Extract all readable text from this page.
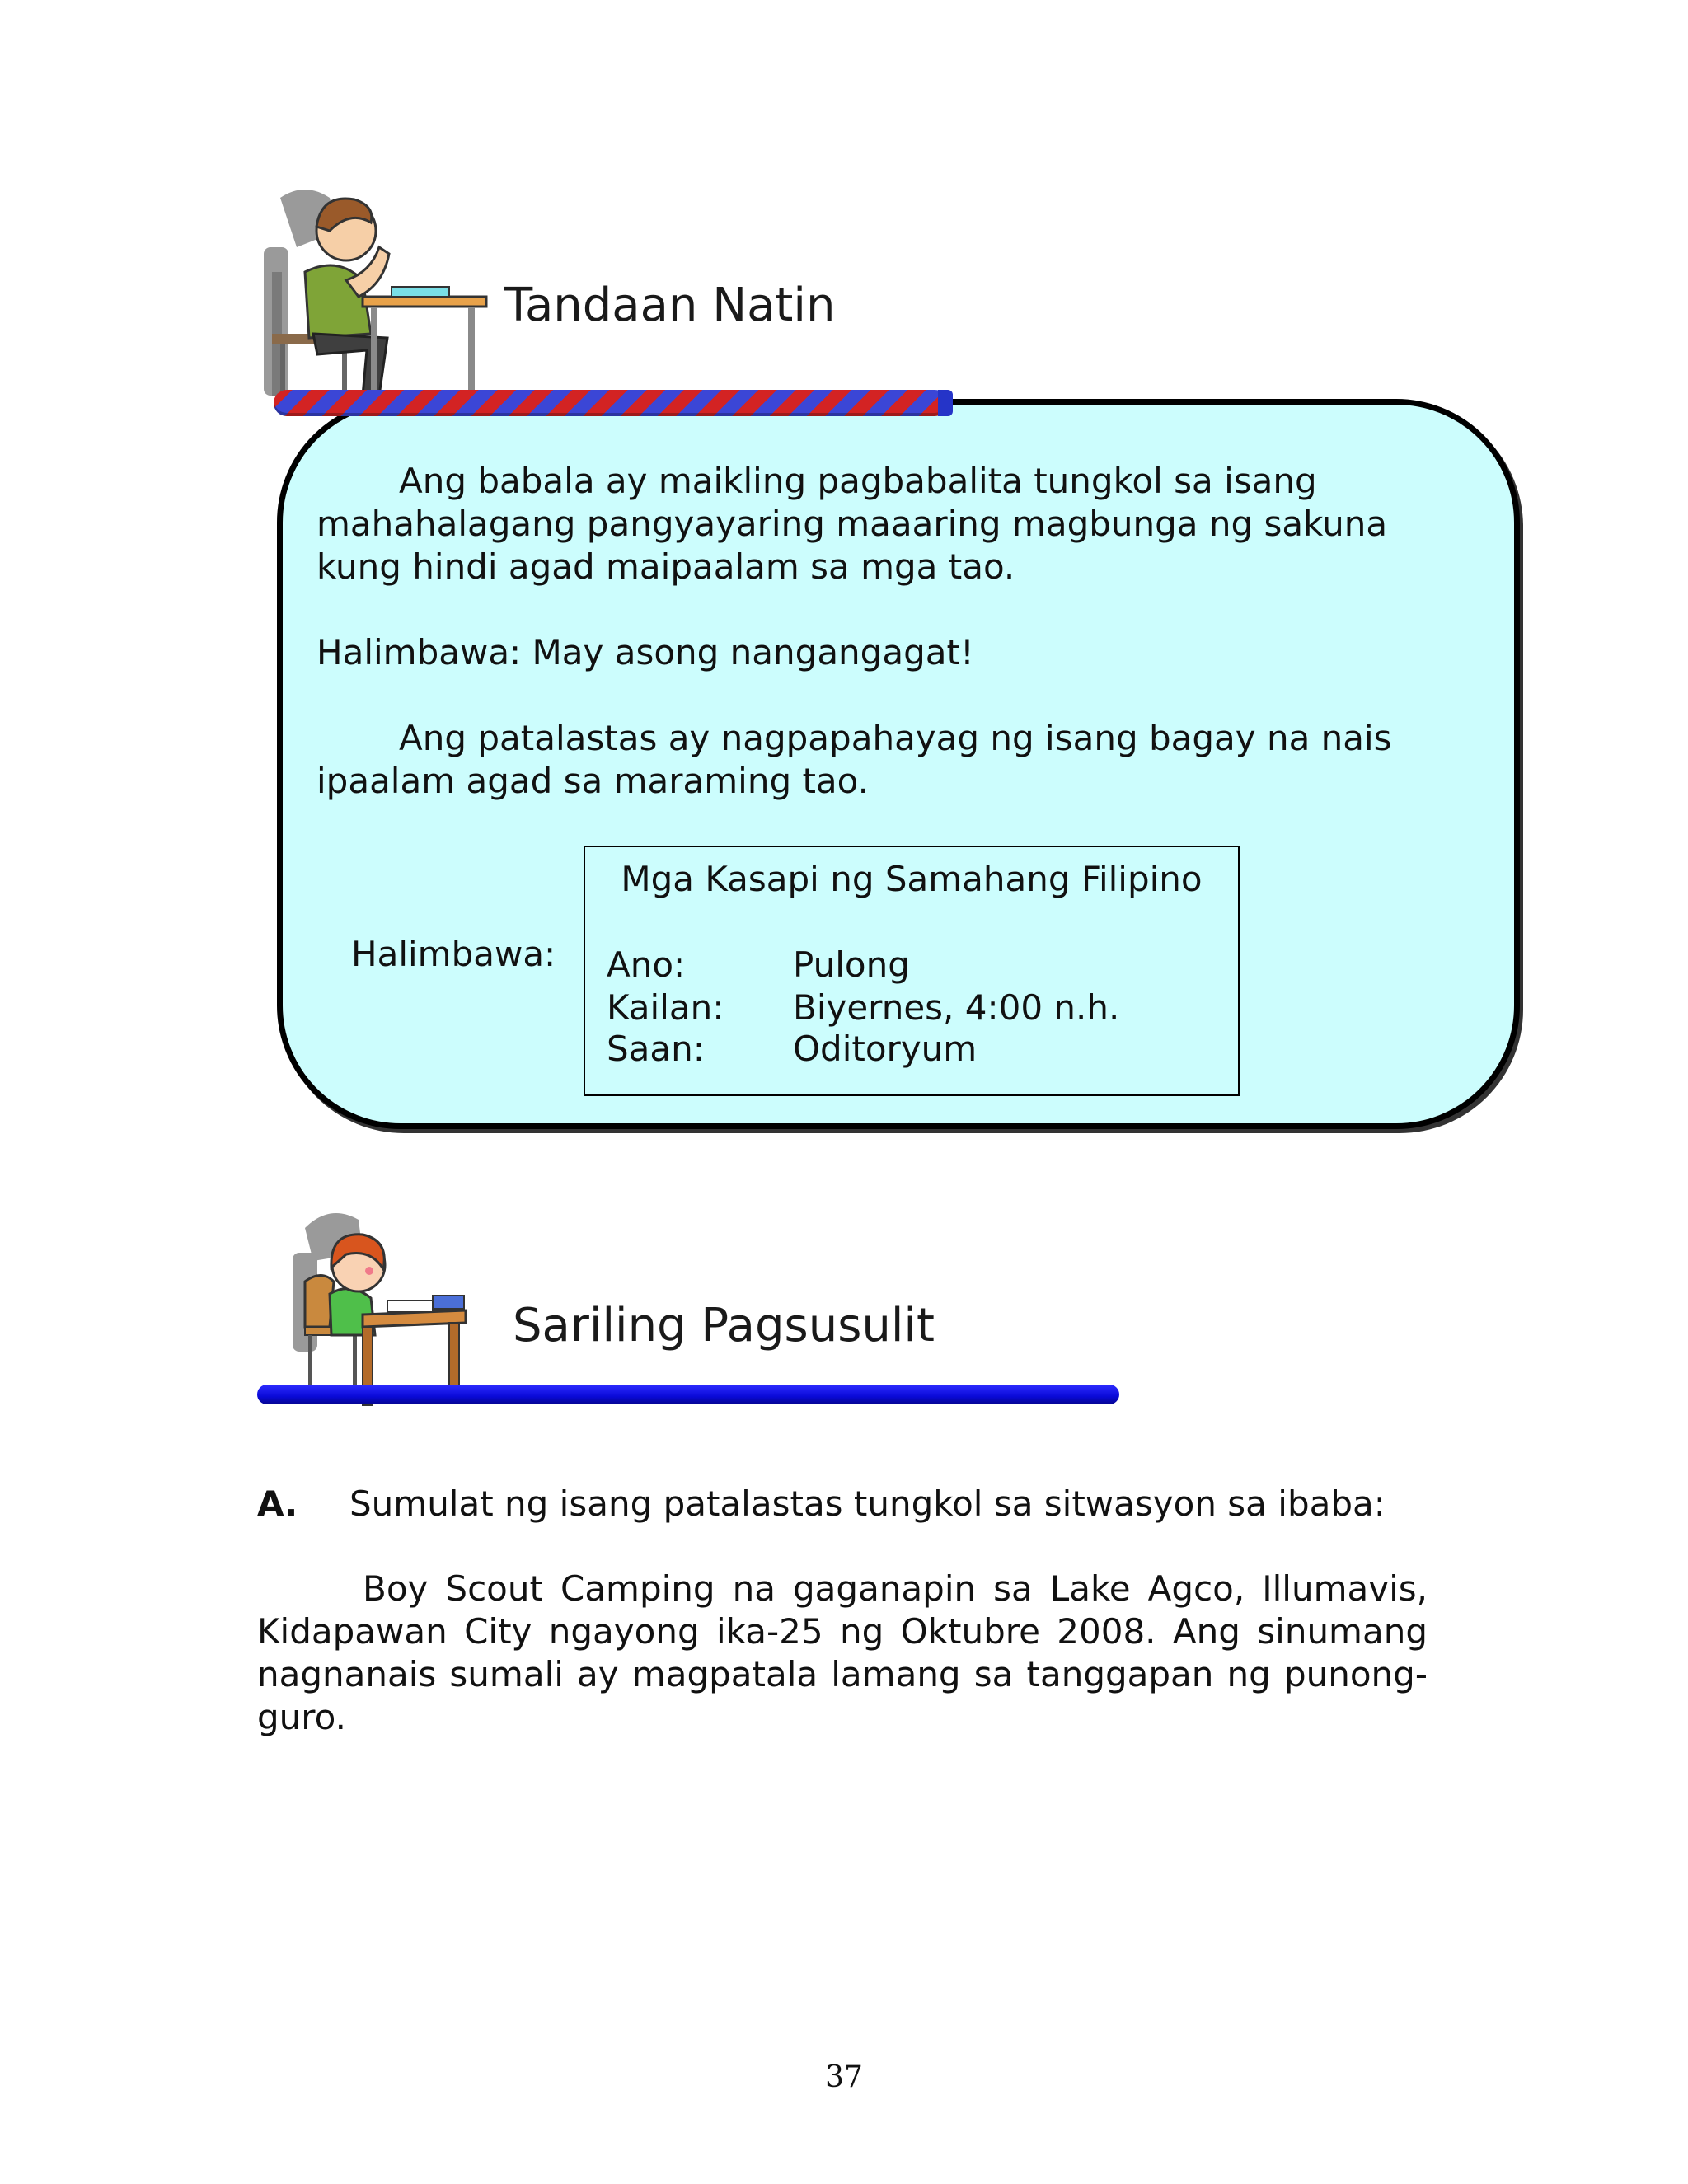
Tandaan Natin
Ang babala ay maikling pagbabalita tungkol sa isang
mahahalagang pangyayaring maaaring magbunga ng sakuna
kung hindi agad maipaalam sa mga tao.
Halimbawa: May asong nangangagat!
Ang patalastas ay nagpapahayag ng isang bagay na nais
ipaalam agad sa maraming tao.
Halimbawa:
Mga Kasapi ng Samahang Filipino
Ano:	Pulong
Kailan: Biyernes, 4:00 n.h.
Saan:	Oditoryum
Sariling Pagsusulit
A. Sumulat ng isang patalastas tungkol sa sitwasyon sa ibaba:
Boy Scout Camping na gaganapin sa Lake Agco, Illumavis, Kidapawan City ngayong ika-25 ng Oktubre 2008. Ang sinumang nagnanais sumali ay magpatala lamang sa tanggapan ng punong-guro.
37
